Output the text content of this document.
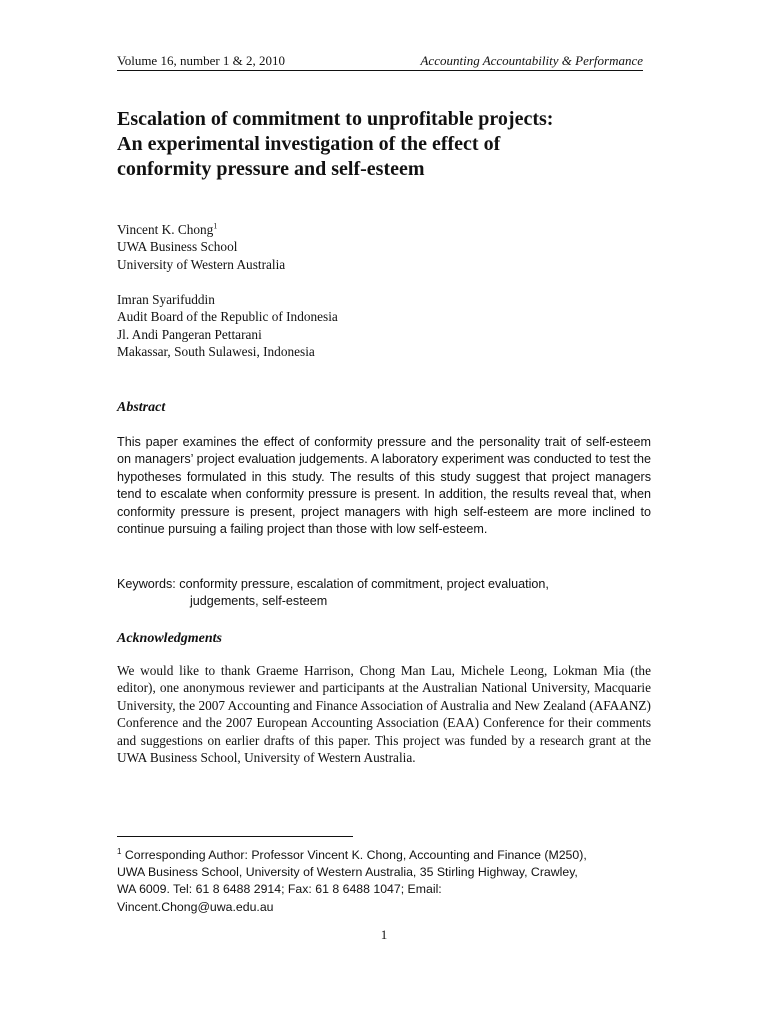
Volume 16, number 1 & 2, 2010	Accounting Accountability & Performance
Escalation of commitment to unprofitable projects:
An experimental investigation of the effect of
conformity pressure and self-esteem
Vincent K. Chong$^1$
UWA Business School
University of Western Australia
Imran Syarifuddin
Audit Board of the Republic of Indonesia
Jl. Andi Pangeran Pettarani
Makassar, South Sulawesi, Indonesia
Abstract

This paper examines the effect of conformity pressure and the personality trait of self-esteem on managers’ project evaluation judgements. A laboratory experiment was conducted to test the hypotheses formulated in this study. The results of this study suggest that project managers tend to escalate when conformity pressure is present. In addition, the results reveal that, when conformity pressure is present, project managers with high self-esteem are more inclined to continue pursuing a failing project than those with low self-esteem.

Keywords: conformity pressure, escalation of commitment, project evaluation,
judgements, self-esteem
Acknowledgments

We would like to thank Graeme Harrison, Chong Man Lau, Michele Leong, Lokman Mia (the editor), one anonymous reviewer and participants at the Australian National University, Macquarie University, the 2007 Accounting and Finance Association of Australia and New Zealand (AFAANZ) Conference and the 2007 European Accounting Association (EAA) Conference for their comments and suggestions on earlier drafts of this paper. This project was funded by a research grant at the UWA Business School, University of Western Australia.

$^1$ Corresponding Author: Professor Vincent K. Chong, Accounting and Finance (M250),
UWA Business School, University of Western Australia, 35 Stirling Highway, Crawley,
WA 6009. Tel: 61 8 6488 2914; Fax: 61 8 6488 1047; Email:
Vincent.Chong@uwa.edu.au
1
